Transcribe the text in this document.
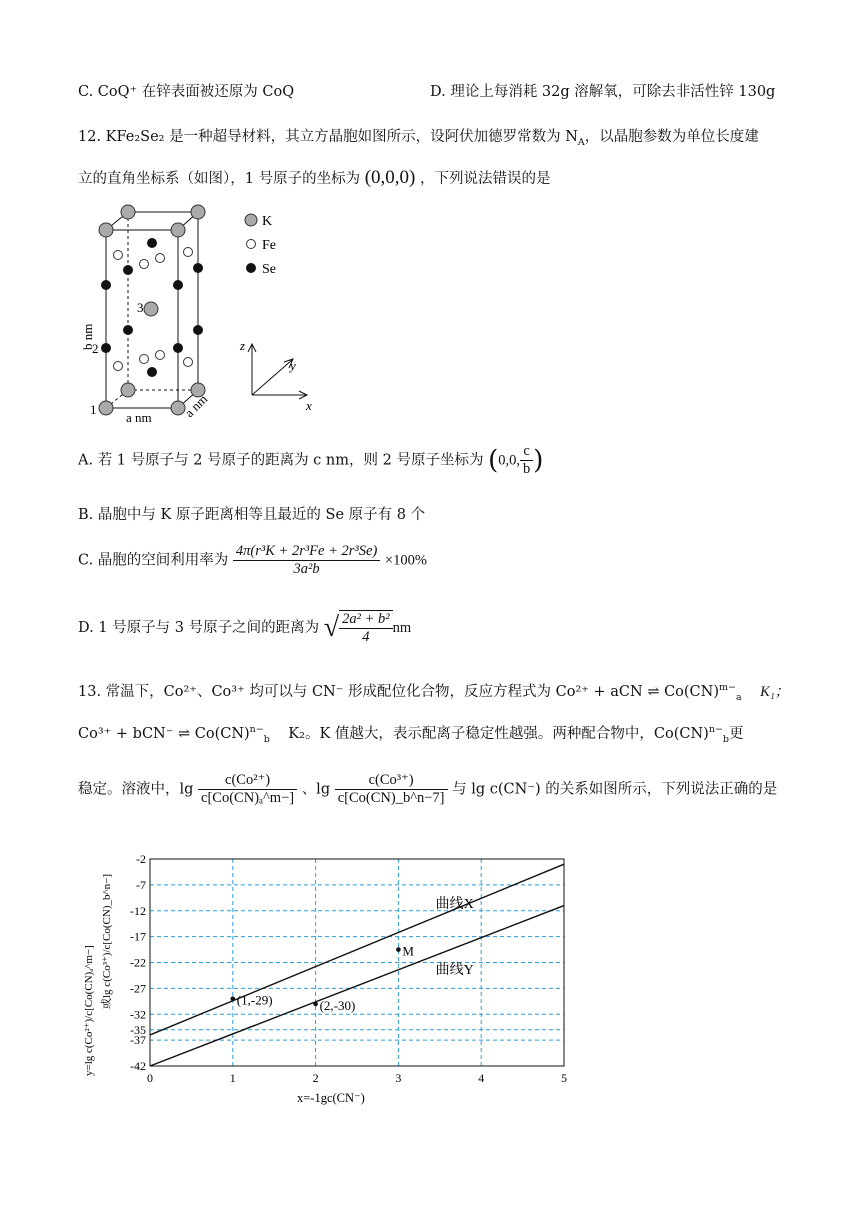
C. CoQ⁺ 在锌表面被还原为 CoQ	D. 理论上每消耗 32g 溶解氧，可除去非活性锌 130g
12. KFe₂Se₂ 是一种超导材料，其立方晶胞如图所示，设阿伏加德罗常数为 $N_A$，以晶胞参数为单位长度建
立的直角坐标系（如图），1 号原子的坐标为 (0,0,0) ，下列说法错误的是
2
3
1
b nm
a nm a nm
K
Fe
Se
z
y
x
A. 若 1 号原子与 2 号原子的距离为 c nm，则 2 号原子坐标为 (0,0, $\frac{c}{b}$ )
B. 晶胞中与 K 原子距离相等且最近的 Se 原子有 8 个
C. 晶胞的空间利用率为 $\frac{\text{4π(r³K + 2r³Fe + 2r³Se)}}{\text{3a²b}} \times 100\%$
D. 1 号原子与 3 号原子之间的距离为 √ $\frac{\text{2a² + b²}}{4}$ nm
13. 常温下，Co²⁺、Co³⁺ 均可以与 CN⁻ 形成配位化合物，反应方程式为 Co²⁺ + aCN ⇌ Co(CN)$^{m-}_a$ K₁；
Co³⁺ + bCN⁻ ⇌ Co(CN)$^{n-}_b$ K₂。K 值越大，表示配离子稳定性越强。两种配合物中，Co(CN)$^{n-}_b$更
稳定。溶液中，$\lg \frac{\text{c(Co²⁺)}}{\text{c[Co(CN)ₐ\textasciicircum{}m−]}}$ 、$\lg \frac{\text{c(Co³⁺)}}{c[Co(CN)\_b\^{}n-7]}$ 与 lg c(CN⁻) 的关系如图所示，下列说法正确的是
-2
-7
-12
-17
-22
-27
-32
-35
-37
-42
0	1	2	3	4	5
曲线X
曲线Y
(1,-29)	(2,-30)
M
x=-1gc(CN⁻)
y=lg c(Co²⁺)/c[Co(CN)ₐ^m−]
或lg c(Co³⁺)/c[Co(CN)_b^n−]
